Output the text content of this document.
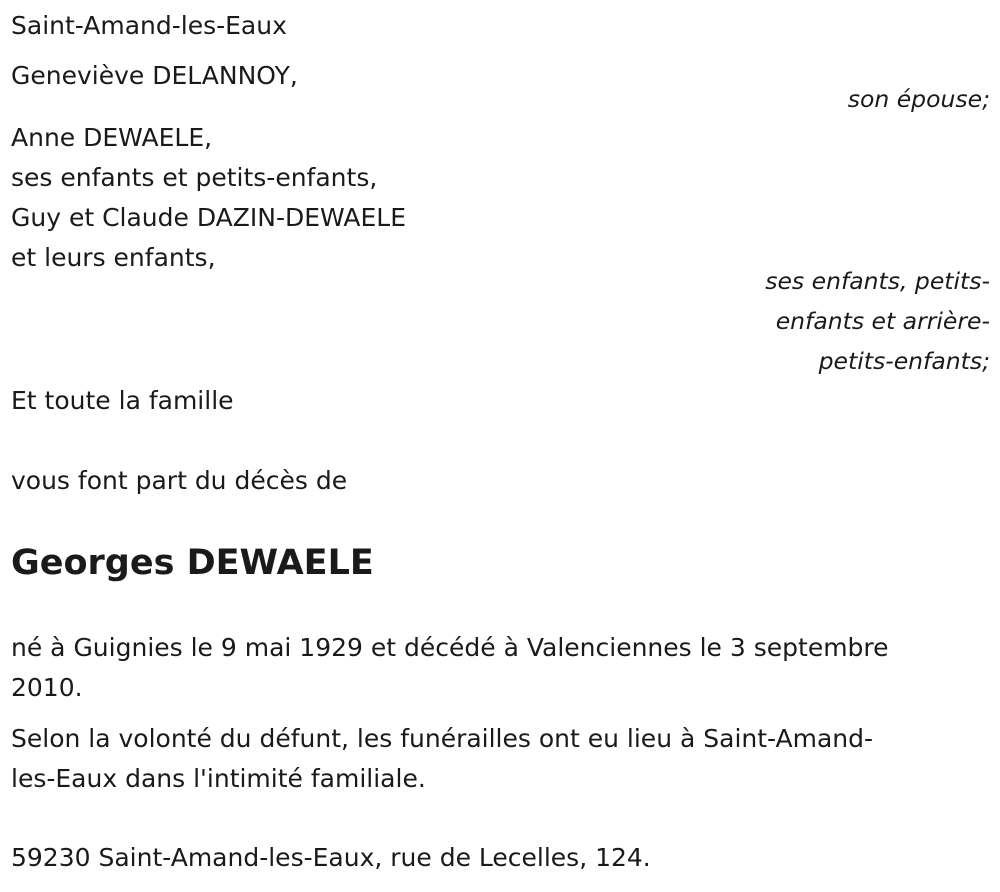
Saint-Amand-les-Eaux

Geneviève DELANNOY,

son épouse;

Anne DEWAELE,

ses enfants et petits-enfants,

Guy et Claude DAZIN-DEWAELE

et leurs enfants,

ses enfants, petits-

enfants et arrière-

petits-enfants;

Et toute la famille

vous font part du décès de

Georges DEWAELE

né à Guignies le 9 mai 1929 et décédé à Valenciennes le 3 septembre

2010.

Selon la volonté du défunt, les funérailles ont eu lieu à Saint-Amand-

les-Eaux dans l'intimité familiale.

59230 Saint-Amand-les-Eaux, rue de Lecelles, 124.
